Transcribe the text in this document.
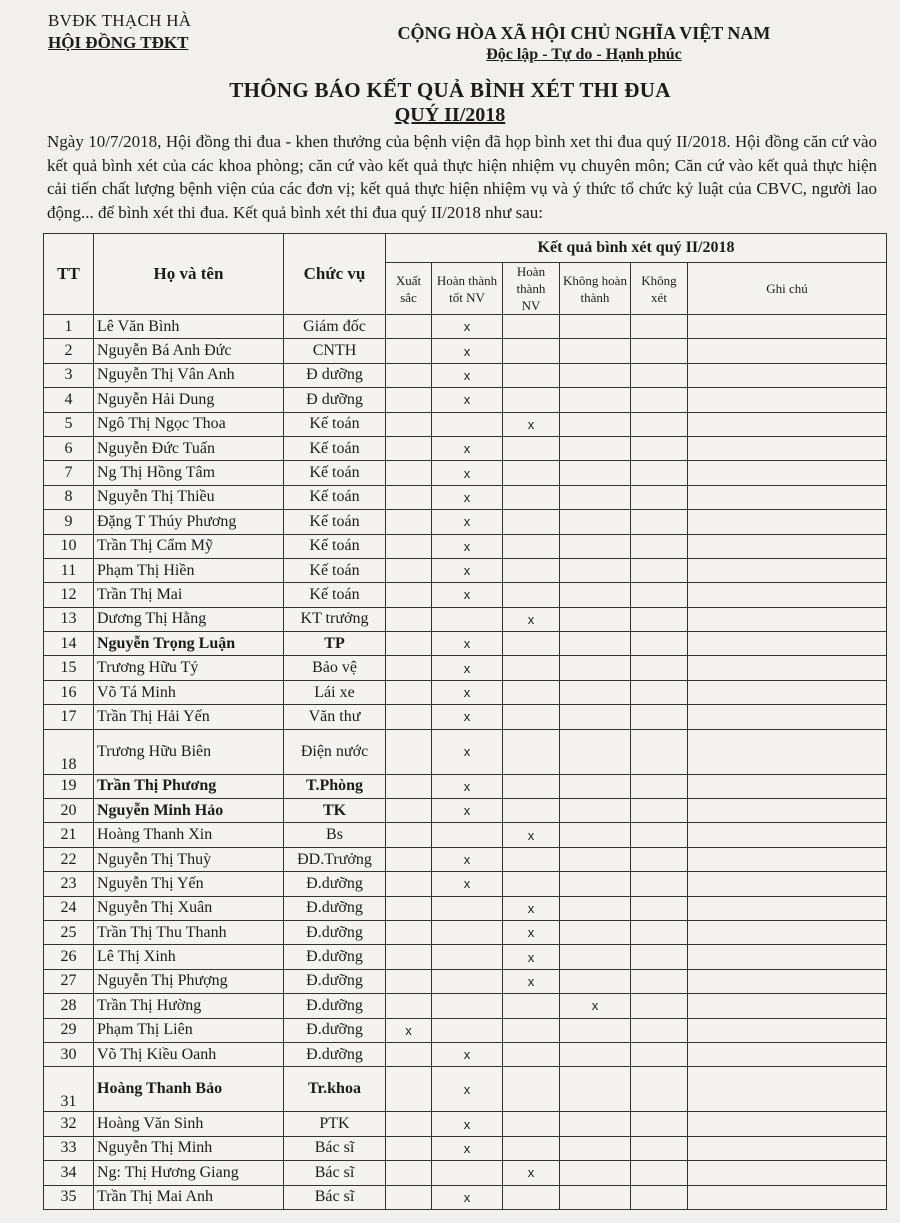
BVĐK THẠCH HÀ
HỘI ĐỒNG TĐKT	CỘNG HÒA XÃ HỘI CHỦ NGHĨA VIỆT NAM
Độc lập - Tự do - Hạnh phúc
THÔNG BÁO KẾT QUẢ BÌNH XÉT THI ĐUA
QUÝ II/2018
Ngày 10/7/2018, Hội đồng thi đua - khen thưởng của bệnh viện đã họp bình xet thi đua quý II/2018. Hội đồng căn cứ vào kết quả bình xét của các khoa phòng; căn cứ vào kết quả thực hiện nhiệm vụ chuyên môn; Căn cứ vào kết quả thực hiện cải tiến chất lượng bệnh viện của các đơn vị; kết quả thực hiện nhiệm vụ và ý thức tổ chức kỷ luật của CBVC, người lao động... để bình xét thi đua. Kết quả bình xét thi đua quý II/2018 như sau:
TT	Họ và tên	Chức vụ	Kết quả bình xét quý II/2018					
			Xuất sắc	Hoàn thành tốt NV	Hoàn thành NV	Không hoàn thành	Không xét	Ghi chú
1	Lê Văn Bình	Giám đốc		x				
2	Nguyễn Bá Anh Đức	CNTH		x				
3	Nguyễn Thị Vân Anh	Đ dưỡng		x				
4	Nguyễn Hải Dung	Đ dưỡng		x				
5	Ngô Thị Ngọc Thoa	Kế toán			x			
6	Nguyễn Đức Tuấn	Kế toán		x				
7	Ng Thị Hồng Tâm	Kế toán		x				
8	Nguyễn Thị Thiều	Kế toán		x				
9	Đặng T Thúy Phương	Kế toán		x				
10	Trần Thị Cẩm Mỹ	Kế toán		x				
11	Phạm Thị Hiền	Kế toán		x				
12	Trần Thị Mai	Kế toán		x				
13	Dương Thị Hằng	KT trưởng			x			
14	Nguyễn Trọng Luận	TP		x				
15	Trương Hữu Tý	Bảo vệ		x				
16	Võ Tá Minh	Lái xe		x				
17	Trần Thị Hải Yến	Văn thư		x				
18	Trương Hữu Biên	Điện nước		x				
19	Trần Thị Phương	T.Phòng		x				
20	Nguyễn Minh Hảo	TK		x				
21	Hoàng Thanh Xin	Bs			x			
22	Nguyễn Thị Thuỳ	ĐD.Trưởng		x				
23	Nguyễn Thị Yến	Đ.dưỡng		x				
24	Nguyễn Thị Xuân	Đ.dưỡng			x			
25	Trần Thị Thu Thanh	Đ.dưỡng			x			
26	Lê Thị Xinh	Đ.dưỡng			x			
27	Nguyễn Thị Phượng	Đ.dưỡng			x			
28	Trần Thị Hường	Đ.dưỡng				x		
29	Phạm Thị Liên	Đ.dưỡng	x					
30	Võ Thị Kiều Oanh	Đ.dưỡng		x				
31	Hoàng Thanh Bảo	Tr.khoa		x				
32	Hoàng Văn Sinh	PTK		x				
33	Nguyễn Thị Minh	Bác sĩ		x				
34	Ng: Thị Hương Giang	Bác sĩ			x			
35	Trần Thị Mai Anh	Bác sĩ		x				
